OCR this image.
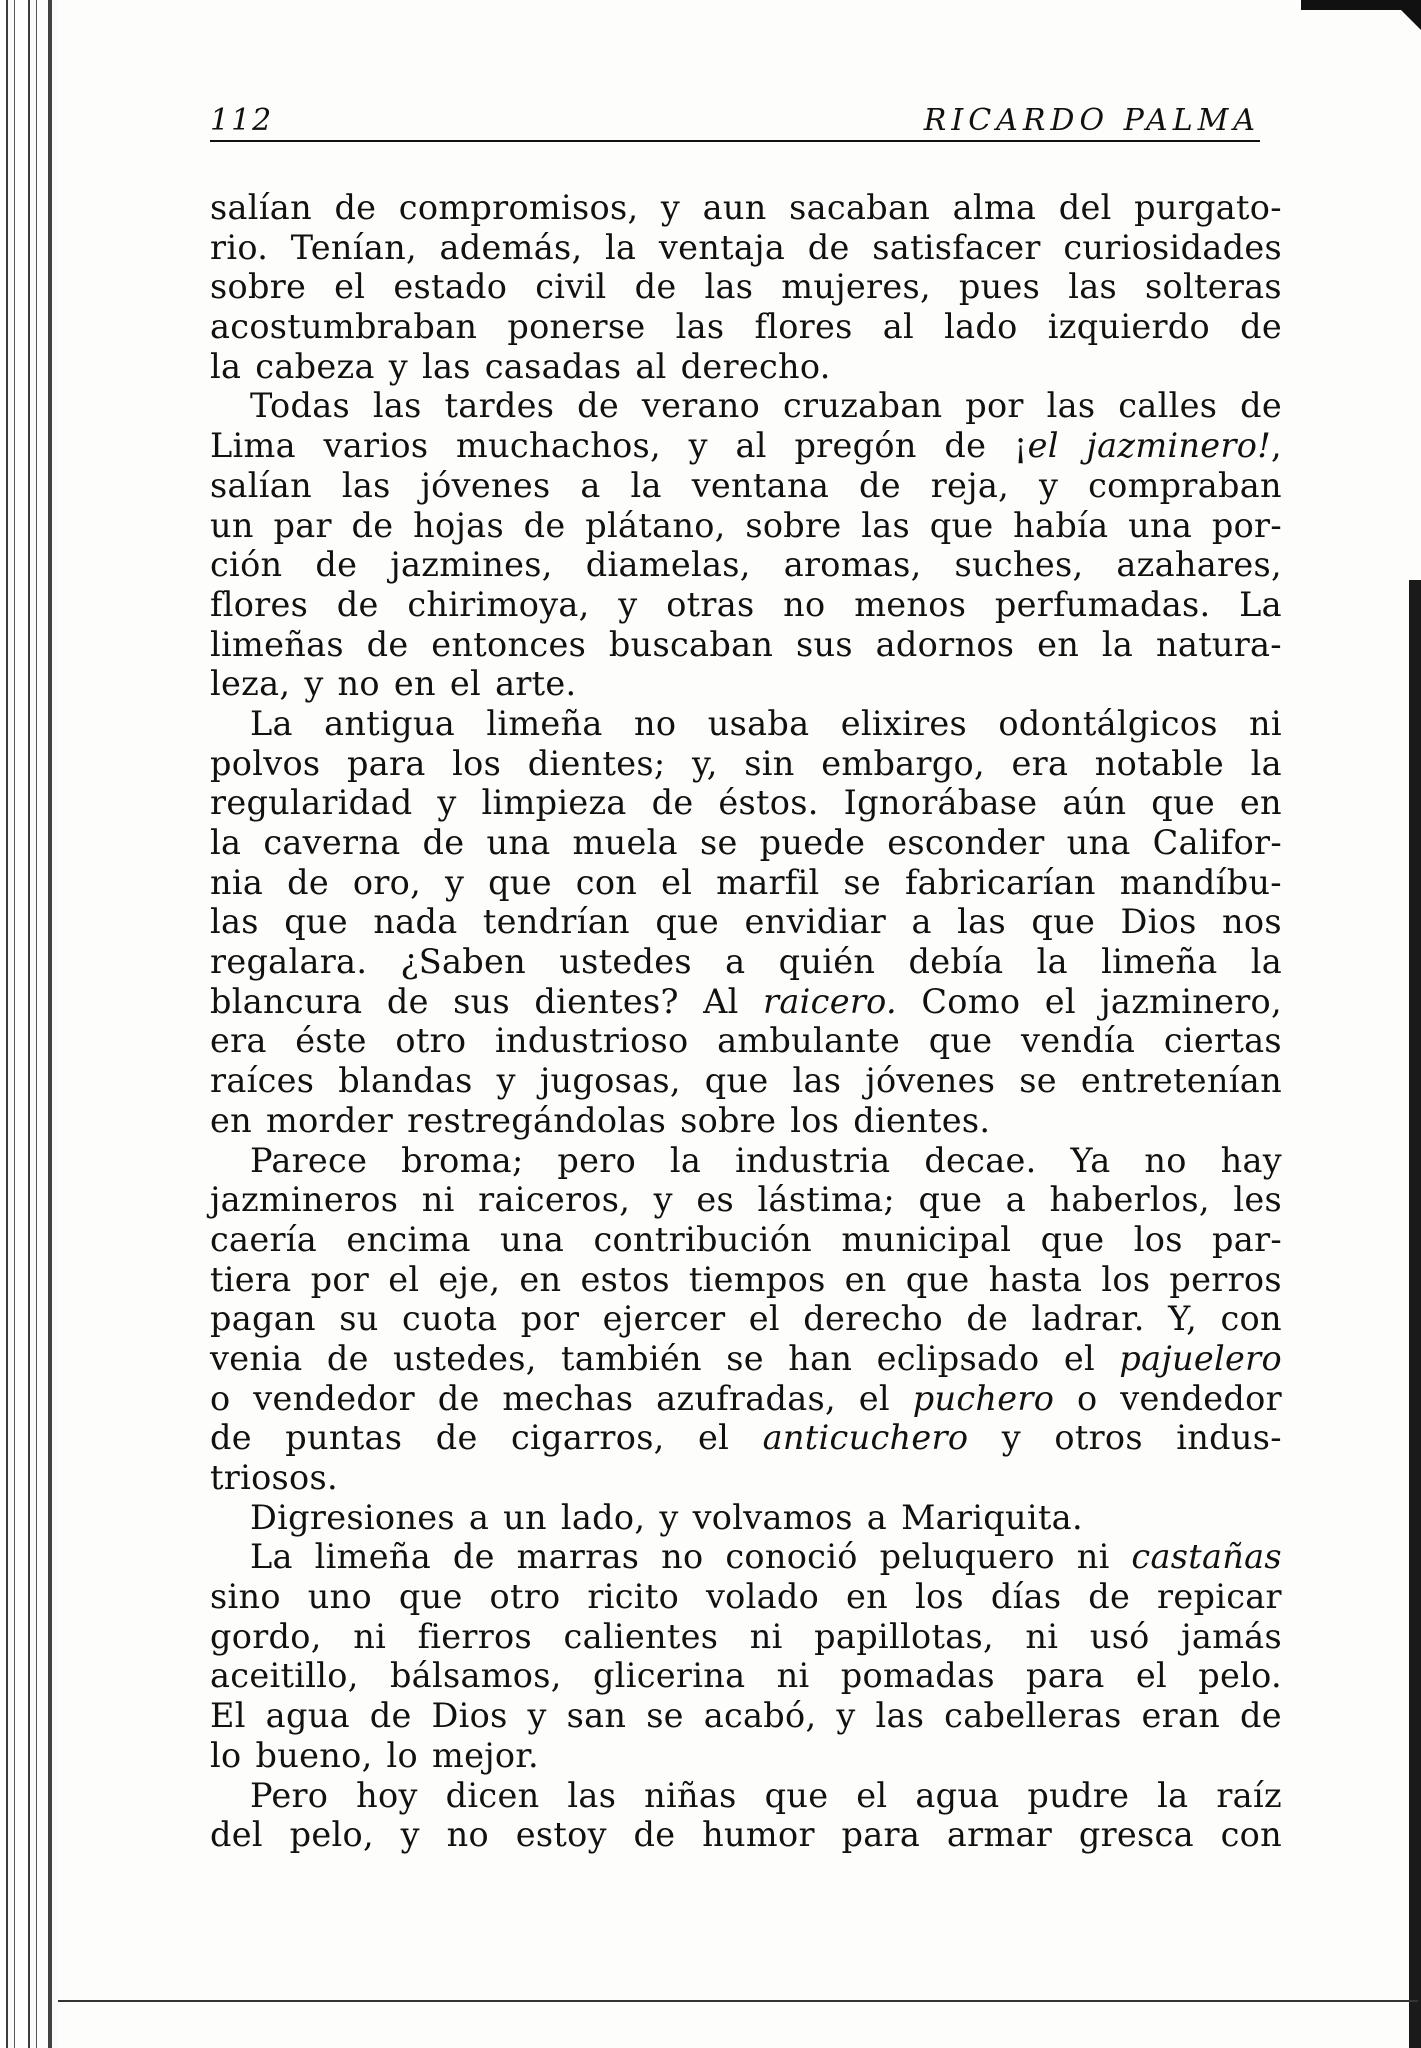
112	RICARDO PALMA
salían de compromisos, y aun sacaban alma del purgato-
rio. Tenían, además, la ventaja de satisfacer curiosidades
sobre el estado civil de las mujeres, pues las solteras
acostumbraban ponerse las flores al lado izquierdo de
la cabeza y las casadas al derecho.
Todas las tardes de verano cruzaban por las calles de
Lima varios muchachos, y al pregón de ¡el jazminero!,
salían las jóvenes a la ventana de reja, y compraban
un par de hojas de plátano, sobre las que había una por-
ción de jazmines, diamelas, aromas, suches, azahares,
flores de chirimoya, y otras no menos perfumadas. La
limeñas de entonces buscaban sus adornos en la natura-
leza, y no en el arte.
La antigua limeña no usaba elixires odontálgicos ni
polvos para los dientes; y, sin embargo, era notable la
regularidad y limpieza de éstos. Ignorábase aún que en
la caverna de una muela se puede esconder una Califor-
nia de oro, y que con el marfil se fabricarían mandíbu-
las que nada tendrían que envidiar a las que Dios nos
regalara. ¿Saben ustedes a quién debía la limeña la
blancura de sus dientes? Al raicero. Como el jazminero,
era éste otro industrioso ambulante que vendía ciertas
raíces blandas y jugosas, que las jóvenes se entretenían
en morder restregándolas sobre los dientes.
Parece broma; pero la industria decae. Ya no hay
jazmineros ni raiceros, y es lástima; que a haberlos, les
caería encima una contribución municipal que los par-
tiera por el eje, en estos tiempos en que hasta los perros
pagan su cuota por ejercer el derecho de ladrar. Y, con
venia de ustedes, también se han eclipsado el pajuelero
o vendedor de mechas azufradas, el puchero o vendedor
de puntas de cigarros, el anticuchero y otros indus-
triosos.
Digresiones a un lado, y volvamos a Mariquita.
La limeña de marras no conoció peluquero ni castañas
sino uno que otro ricito volado en los días de repicar
gordo, ni fierros calientes ni papillotas, ni usó jamás
aceitillo, bálsamos, glicerina ni pomadas para el pelo.
El agua de Dios y san se acabó, y las cabelleras eran de
lo bueno, lo mejor.
Pero hoy dicen las niñas que el agua pudre la raíz
del pelo, y no estoy de humor para armar gresca con
